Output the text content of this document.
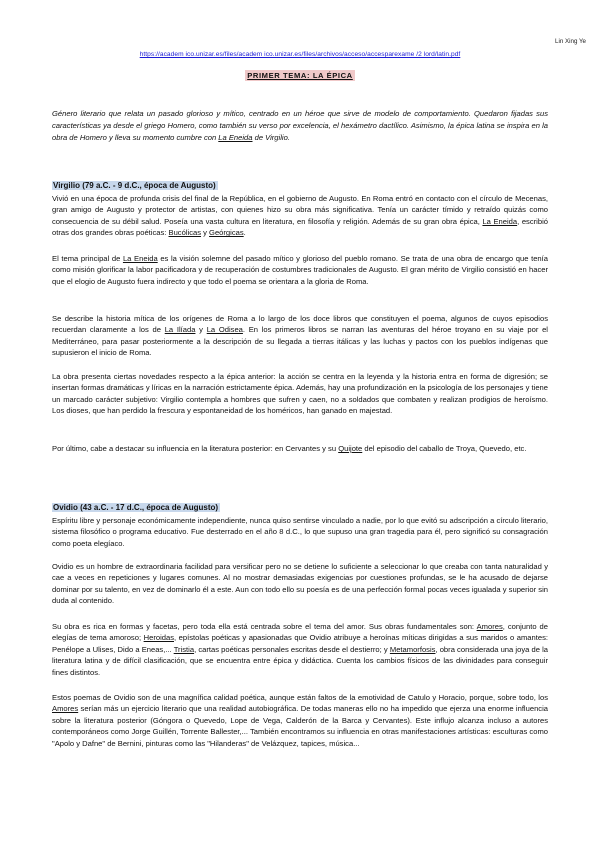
Lin Xing Ye
https://academ ico.unizar.es/files/academ ico.unizar.es/files/archivos/acceso/accesparexame /2 lord/latin.pdf
PRIMER TEMA: LA ÉPICA
Género literario que relata un pasado glorioso y mítico, centrado en un héroe que sirve de modelo de comportamiento. Quedaron fijadas sus características ya desde el griego Homero, como también su verso por excelencia, el hexámetro dactílico. Asimismo, la épica latina se inspira en la obra de Homero y lleva su momento cumbre con La Eneida de Virgilio.
Virgilio (79 a.C. - 9 d.C., época de Augusto)
Vivió en una época de profunda crisis del final de la República, en el gobierno de Augusto. En Roma entró en contacto con el círculo de Mecenas, gran amigo de Augusto y protector de artistas, con quienes hizo su obra más significativa. Tenía un carácter tímido y retraído quizás como consecuencia de su débil salud. Poseía una vasta cultura en literatura, en filosofía y religión. Además de su gran obra épica, La Eneida, escribió otras dos grandes obras poéticas: Bucólicas y Geórgicas.
El tema principal de La Eneida es la visión solemne del pasado mítico y glorioso del pueblo romano. Se trata de una obra de encargo que tenía como misión glorificar la labor pacificadora y de recuperación de costumbres tradicionales de Augusto. El gran mérito de Virgilio consistió en hacer que el elogio de Augusto fuera indirecto y que todo el poema se orientara a la gloria de Roma.
Se describe la historia mítica de los orígenes de Roma a lo largo de los doce libros que constituyen el poema, algunos de cuyos episodios recuerdan claramente a los de La Ilíada y La Odisea. En los primeros libros se narran las aventuras del héroe troyano en su viaje por el Mediterráneo, para pasar posteriormente a la descripción de su llegada a tierras itálicas y las luchas y pactos con los pueblos indígenas que supusieron el inicio de Roma.
La obra presenta ciertas novedades respecto a la épica anterior: la acción se centra en la leyenda y la historia entra en forma de digresión; se insertan formas dramáticas y líricas en la narración estrictamente épica. Además, hay una profundización en la psicología de los personajes y tiene un marcado carácter subjetivo: Virgilio contempla a hombres que sufren y caen, no a soldados que combaten y realizan prodigios de heroísmo. Los dioses, que han perdido la frescura y espontaneidad de los homéricos, han ganado en majestad.
Por último, cabe a destacar su influencia en la literatura posterior: en Cervantes y su Quijote del episodio del caballo de Troya, Quevedo, etc.
Ovidio (43 a.C. - 17 d.C., época de Augusto)
Espíritu libre y personaje económicamente independiente, nunca quiso sentirse vinculado a nadie, por lo que evitó su adscripción a círculo literario, sistema filosófico o programa educativo. Fue desterrado en el año 8 d.C., lo que supuso una gran tragedia para él, pero significó su consagración como poeta elegíaco.
Ovidio es un hombre de extraordinaria facilidad para versificar pero no se detiene lo suficiente a seleccionar lo que creaba con tanta naturalidad y cae a veces en repeticiones y lugares comunes. Al no mostrar demasiadas exigencias por cuestiones profundas, se le ha acusado de dejarse dominar por su talento, en vez de dominarlo él a este. Aun con todo ello su poesía es de una perfección formal pocas veces igualada y superior sin duda al contenido.
Su obra es rica en formas y facetas, pero toda ella está centrada sobre el tema del amor. Sus obras fundamentales son: Amores, conjunto de elegías de tema amoroso; Heroidas, epístolas poéticas y apasionadas que Ovidio atribuye a heroínas míticas dirigidas a sus maridos o amantes: Penélope a Ulises, Dido a Eneas,... Tristia, cartas poéticas personales escritas desde el destierro; y Metamorfosis, obra considerada una joya de la literatura latina y de difícil clasificación, que se encuentra entre épica y didáctica. Cuenta los cambios físicos de las divinidades para conseguir fines distintos.
Estos poemas de Ovidio son de una magnífica calidad poética, aunque están faltos de la emotividad de Catulo y Horacio, porque, sobre todo, los Amores serían más un ejercicio literario que una realidad autobiográfica. De todas maneras ello no ha impedido que ejerza una enorme influencia sobre la literatura posterior (Góngora o Quevedo, Lope de Vega, Calderón de la Barca y Cervantes). Este influjo alcanza incluso a autores contemporáneos como Jorge Guillén, Torrente Ballester,... También encontramos su influencia en otras manifestaciones artísticas: esculturas como "Apolo y Dafne" de Bernini, pinturas como las "Hilanderas" de Velázquez, tapices, música...
